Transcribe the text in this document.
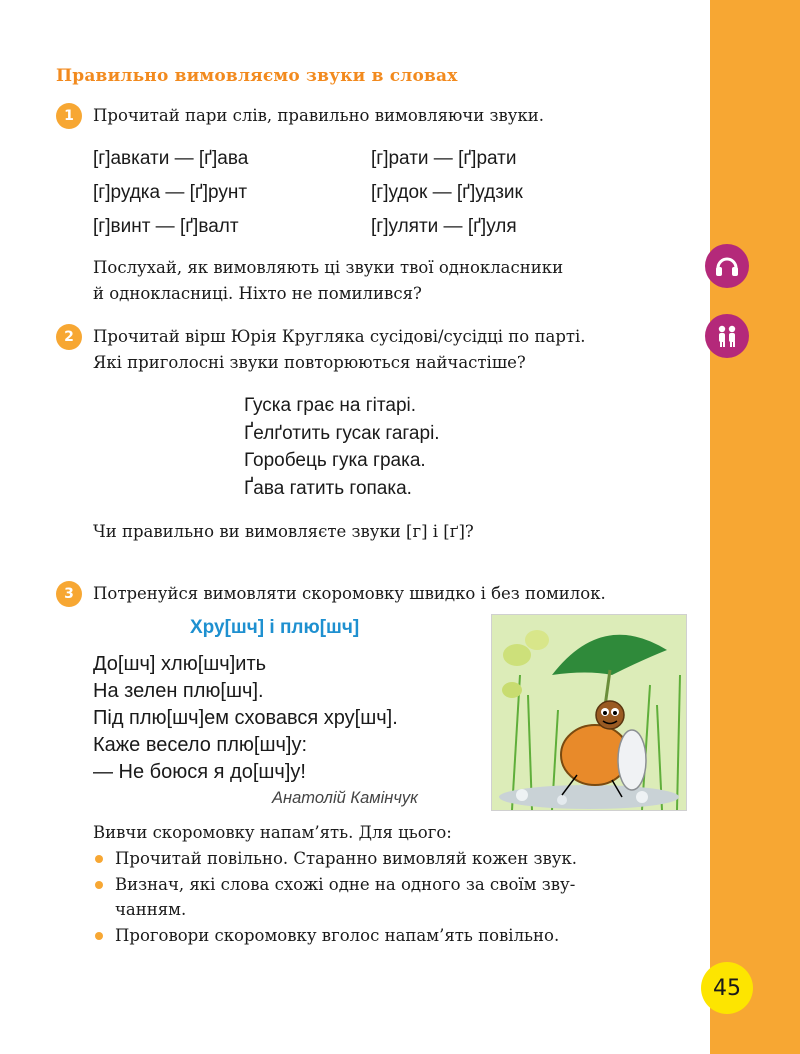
45
Правильно вимовляємо звуки в словах
1	Прочитай пари слів, правильно вимовляючи звуки.
[г]авкати — [ґ]ава	[г]рати — [ґ]рати
[г]рудка — [ґ]рунт	[г]удок — [ґ]удзик
[г]винт — [ґ]валт	[г]уляти — [ґ]уля
Послухай, як вимовляють ці звуки твої однокласники
й однокласниці. Ніхто не помилився?
2	Прочитай вірш Юрія Кругляка сусідові/сусідці по парті.
Які приголосні звуки повторюються найчастіше?
Гуска грає на гітарі.
Ґелґотить гусак гагарі.
Горобець гука грака.
Ґава гатить гопака.
Чи правильно ви вимовляєте звуки [г] і [ґ]?
3	Потренуйся вимовляти скоромовку швидко і без помилок.
Хру[шч] і плю[шч]
До[шч] хлю[шч]ить
На зелен плю[шч].
Під плю[шч]ем сховався хру[шч].
Каже весело плю[шч]у:
— Не боюся я до[шч]у!
Анатолій Камінчук
Вивчи скоромовку напам’ять. Для цього:
Прочитай повільно. Старанно вимовляй кожен звук.
Визнач, які слова схожі одне на одного за своїм зву-
чанням.
Проговори скоромовку вголос напам’ять повільно.
